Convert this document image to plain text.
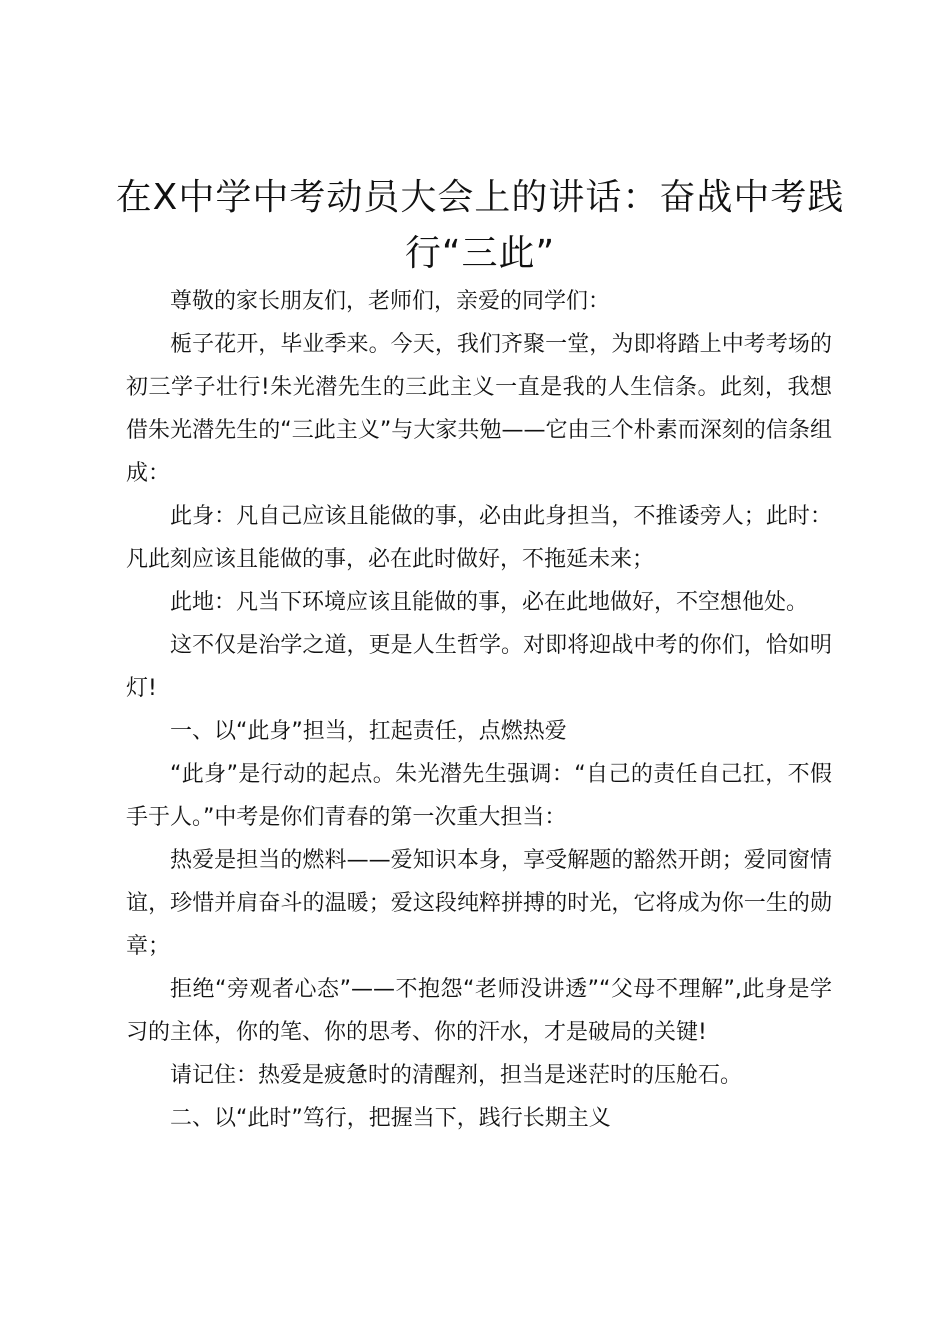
在X中学中考动员大会上的讲话：奋战中考践
行“三此”

尊敬的家长朋友们，老师们，亲爱的同学们：

栀子花开，毕业季来。今天，我们齐聚一堂，为即将踏上中考考场的初三学子壮行!朱光潜先生的三此主义一直是我的人生信条。此刻，我想借朱光潜先生的“三此主义”与大家共勉——它由三个朴素而深刻的信条组成：

此身：凡自己应该且能做的事，必由此身担当，不推诿旁人；此时：凡此刻应该且能做的事，必在此时做好，不拖延未来；

此地：凡当下环境应该且能做的事，必在此地做好，不空想他处。

这不仅是治学之道，更是人生哲学。对即将迎战中考的你们，恰如明灯!

一、以“此身”担当，扛起责任，点燃热爱

“此身”是行动的起点。朱光潜先生强调：“自己的责任自己扛，不假手于人。”中考是你们青春的第一次重大担当：

热爱是担当的燃料——爱知识本身，享受解题的豁然开朗；爱同窗情谊，珍惜并肩奋斗的温暖；爱这段纯粹拼搏的时光，它将成为你一生的勋章；

拒绝“旁观者心态”——不抱怨“老师没讲透”“父母不理解”,此身是学习的主体，你的笔、你的思考、你的汗水，才是破局的关键!

请记住：热爱是疲惫时的清醒剂，担当是迷茫时的压舱石。

二、以“此时”笃行，把握当下，践行长期主义
